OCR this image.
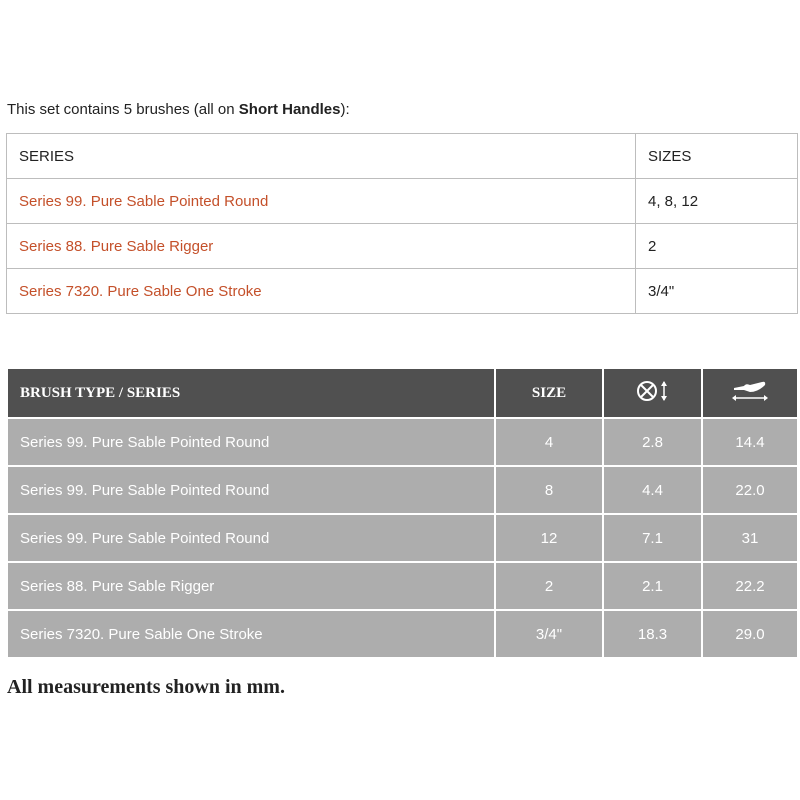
This set contains 5 brushes (all on Short Handles):

SERIES	SIZES
Series 99. Pure Sable Pointed Round	4, 8, 12
Series 88. Pure Sable Rigger	2
Series 7320. Pure Sable One Stroke	3/4"
BRUSH TYPE / SERIES	SIZE		
Series 99. Pure Sable Pointed Round	4	2.8	14.4
Series 99. Pure Sable Pointed Round	8	4.4	22.0
Series 99. Pure Sable Pointed Round	12	7.1	31
Series 88. Pure Sable Rigger	2	2.1	22.2
Series 7320. Pure Sable One Stroke	3/4"	18.3	29.0

All measurements shown in mm.
